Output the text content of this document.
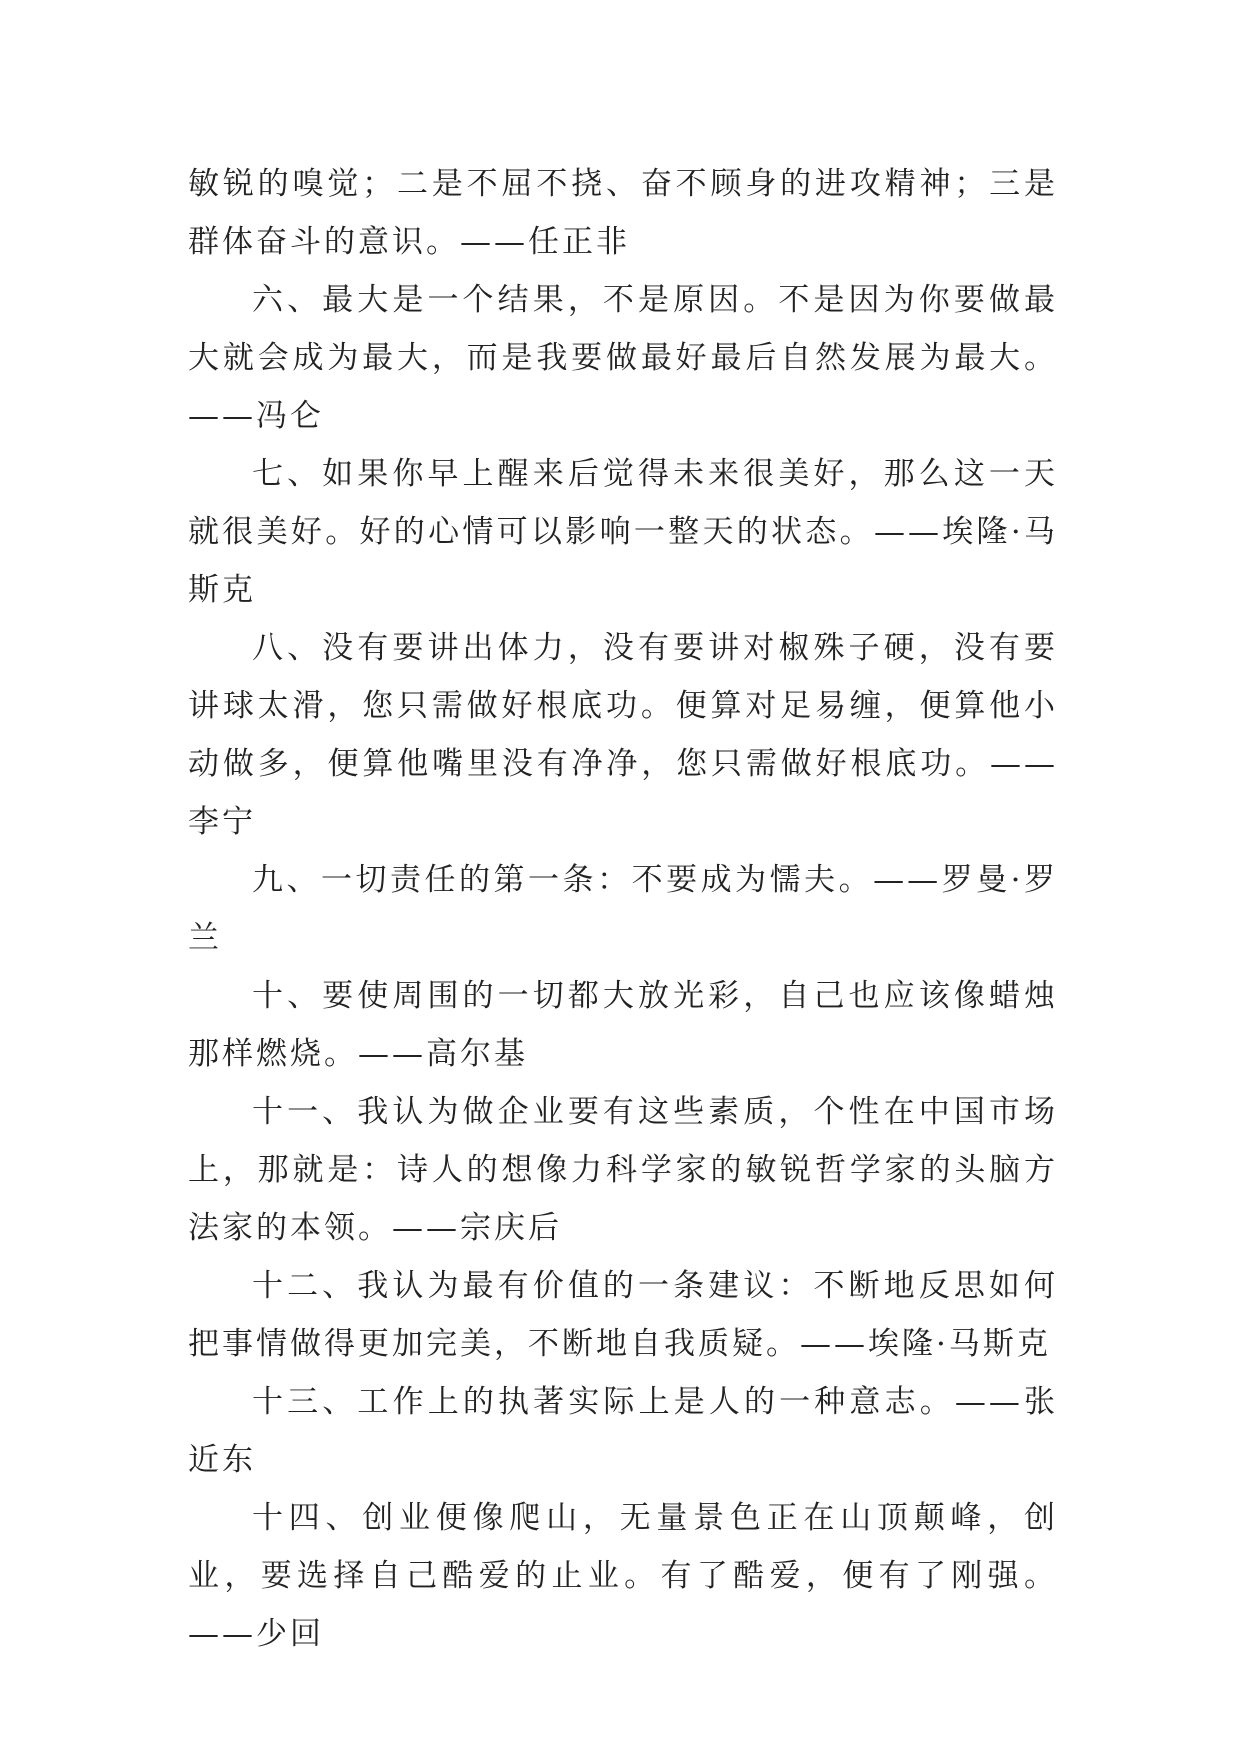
敏锐的嗅觉；二是不屈不挠、奋不顾身的进攻精神；三是群体奋斗的意识。——任正非

六、最大是一个结果，不是原因。不是因为你要做最大就会成为最大，而是我要做最好最后自然发展为最大。——冯仑

七、如果你早上醒来后觉得未来很美好，那么这一天就很美好。好的心情可以影响一整天的状态。——埃隆·马斯克

八、没有要讲出体力，没有要讲对椒殊子硬，没有要讲球太滑，您只需做好根底功。便算对足易缠，便算他小动做多，便算他嘴里没有净净，您只需做好根底功。——李宁

九、一切责任的第一条：不要成为懦夫。——罗曼·罗兰

十、要使周围的一切都大放光彩，自己也应该像蜡烛那样燃烧。——高尔基

十一、我认为做企业要有这些素质，个性在中国市场上，那就是：诗人的想像力科学家的敏锐哲学家的头脑方法家的本领。——宗庆后

十二、我认为最有价值的一条建议：不断地反思如何把事情做得更加完美，不断地自我质疑。——埃隆·马斯克

十三、工作上的执著实际上是人的一种意志。——张近东

十四、创业便像爬山，无量景色正在山顶颠峰，创业，要选择自己酷爱的止业。有了酷爱，便有了刚强。——少回
